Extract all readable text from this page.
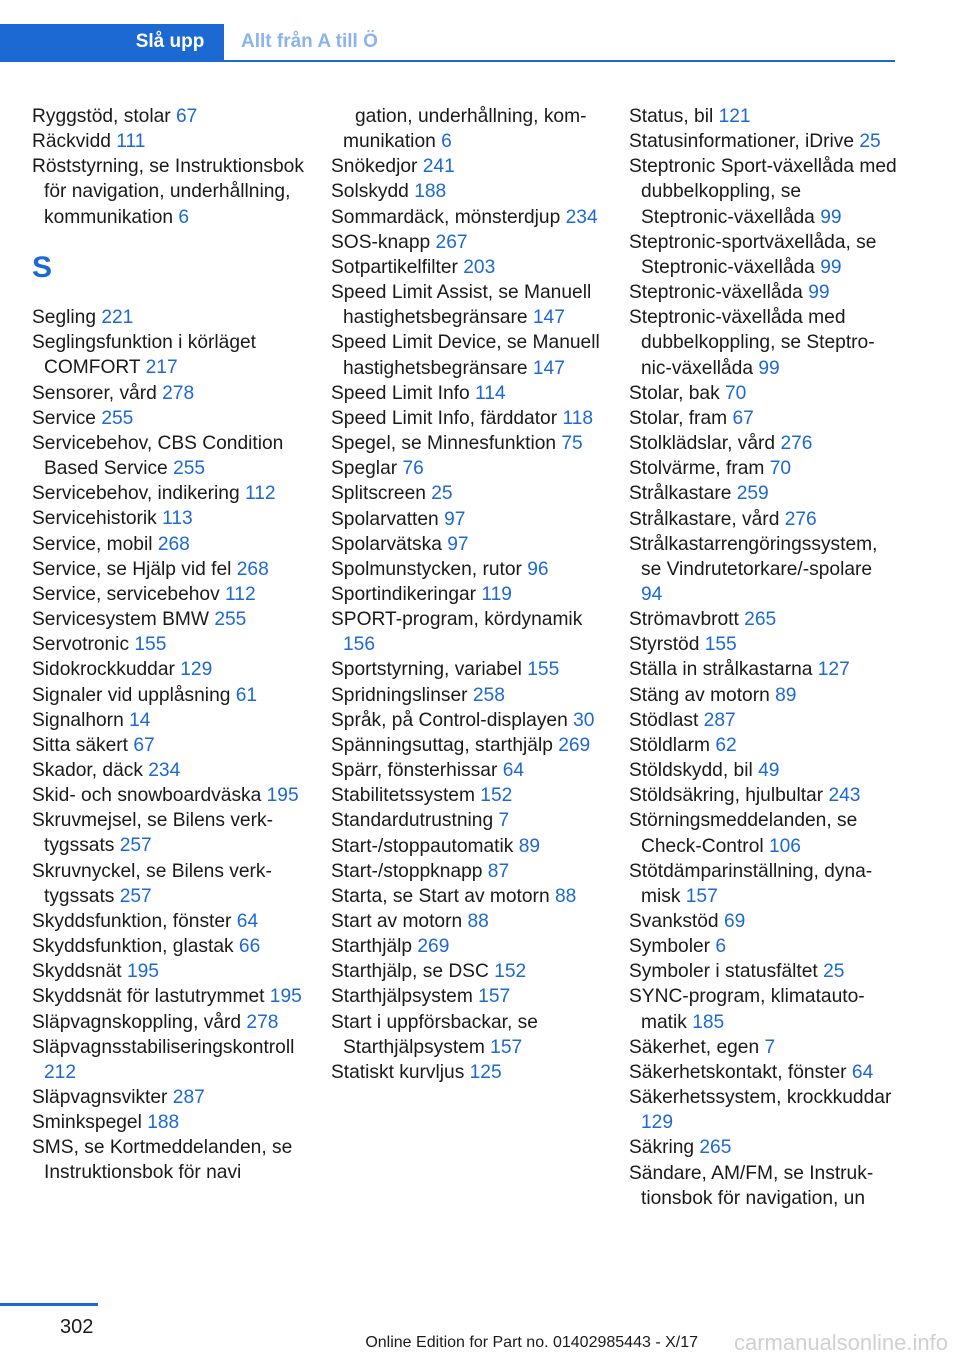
Slå upp	Allt från A till Ö

Ryggstöd, stolar 67

Räckvidd 111

Röststyrning, se Instruktionsbok för navigation, underhållning, kommunikation 6

S

Segling 221

Seglingsfunktion i körläget COMFORT 217

Sensorer, vård 278

Service 255

Servicebehov, CBS Condition Based Service 255

Servicebehov, indikering 112

Servicehistorik 113

Service, mobil 268

Service, se Hjälp vid fel 268

Service, servicebehov 112

Servicesystem BMW 255

Servotronic 155

Sidokrockkuddar 129

Signaler vid upplåsning 61

Signalhorn 14

Sitta säkert 67

Skador, däck 234

Skid- och snowboardväska 195

Skruvmejsel, se Bilens verktygssats 257

Skruvnyckel, se Bilens verktygssats 257

Skyddsfunktion, fönster 64

Skyddsfunktion, glastak 66

Skyddsnät 195

Skyddsnät för lastutrymmet 195

Släpvagnskoppling, vård 278

Släpvagnsstabiliseringskontroll 212

Släpvagnsvikter 287

Sminkspegel 188

SMS, se Kortmeddelanden, se Instruktionsbok för navi

gation, underhållning, kommunikation 6

Snökedjor 241

Solskydd 188

Sommardäck, mönsterdjup 234

SOS-knapp 267

Sotpartikelfilter 203

Speed Limit Assist, se Manuell hastighetsbegränsare 147

Speed Limit Device, se Manuell hastighetsbegränsare 147

Speed Limit Info 114

Speed Limit Info, färddator 118

Spegel, se Minnesfunktion 75

Speglar 76

Splitscreen 25

Spolarvatten 97

Spolarvätska 97

Spolmunstycken, rutor 96

Sportindikeringar 119

SPORT-program, kördynamik 156

Sportstyrning, variabel 155

Spridningslinser 258

Språk, på Control-displayen 30

Spänningsuttag, starthjälp 269

Spärr, fönsterhissar 64

Stabilitetssystem 152

Standardutrustning 7

Start-/stoppautomatik 89

Start-/stoppknapp 87

Starta, se Start av motorn 88

Start av motorn 88

Starthjälp 269

Starthjälp, se DSC 152

Starthjälpsystem 157

Start i uppförsbackar, se Starthjälpsystem 157

Statiskt kurvljus 125

Status, bil 121

Statusinformationer, iDrive 25

Steptronic Sport-växellåda med dubbelkoppling, se Steptronic-växellåda 99

Steptronic-sportväxellåda, se Steptronic-växellåda 99

Steptronic-växellåda 99

Steptronic-växellåda med dubbelkoppling, se Steptronic-växellåda 99

Stolar, bak 70

Stolar, fram 67

Stolklädslar, vård 276

Stolvärme, fram 70

Strålkastare 259

Strålkastare, vård 276

Strålkastarrengöringssystem, se Vindrutetorkare/-spolare 94

Strömavbrott 265

Styrstöd 155

Ställa in strålkastarna 127

Stäng av motorn 89

Stödlast 287

Stöldlarm 62

Stöldskydd, bil 49

Stöldsäkring, hjulbultar 243

Störningsmeddelanden, se Check-Control 106

Stötdämparinställning, dynamisk 157

Svankstöd 69

Symboler 6

Symboler i statusfältet 25

SYNC-program, klimatautomatik 185

Säkerhet, egen 7

Säkerhetskontakt, fönster 64

Säkerhetssystem, krockkuddar 129

Säkring 265

Sändare, AM/FM, se Instruktionsbok för navigation, un

302
Online Edition for Part no. 01402985443 - X/17 carmanualsonline.info
